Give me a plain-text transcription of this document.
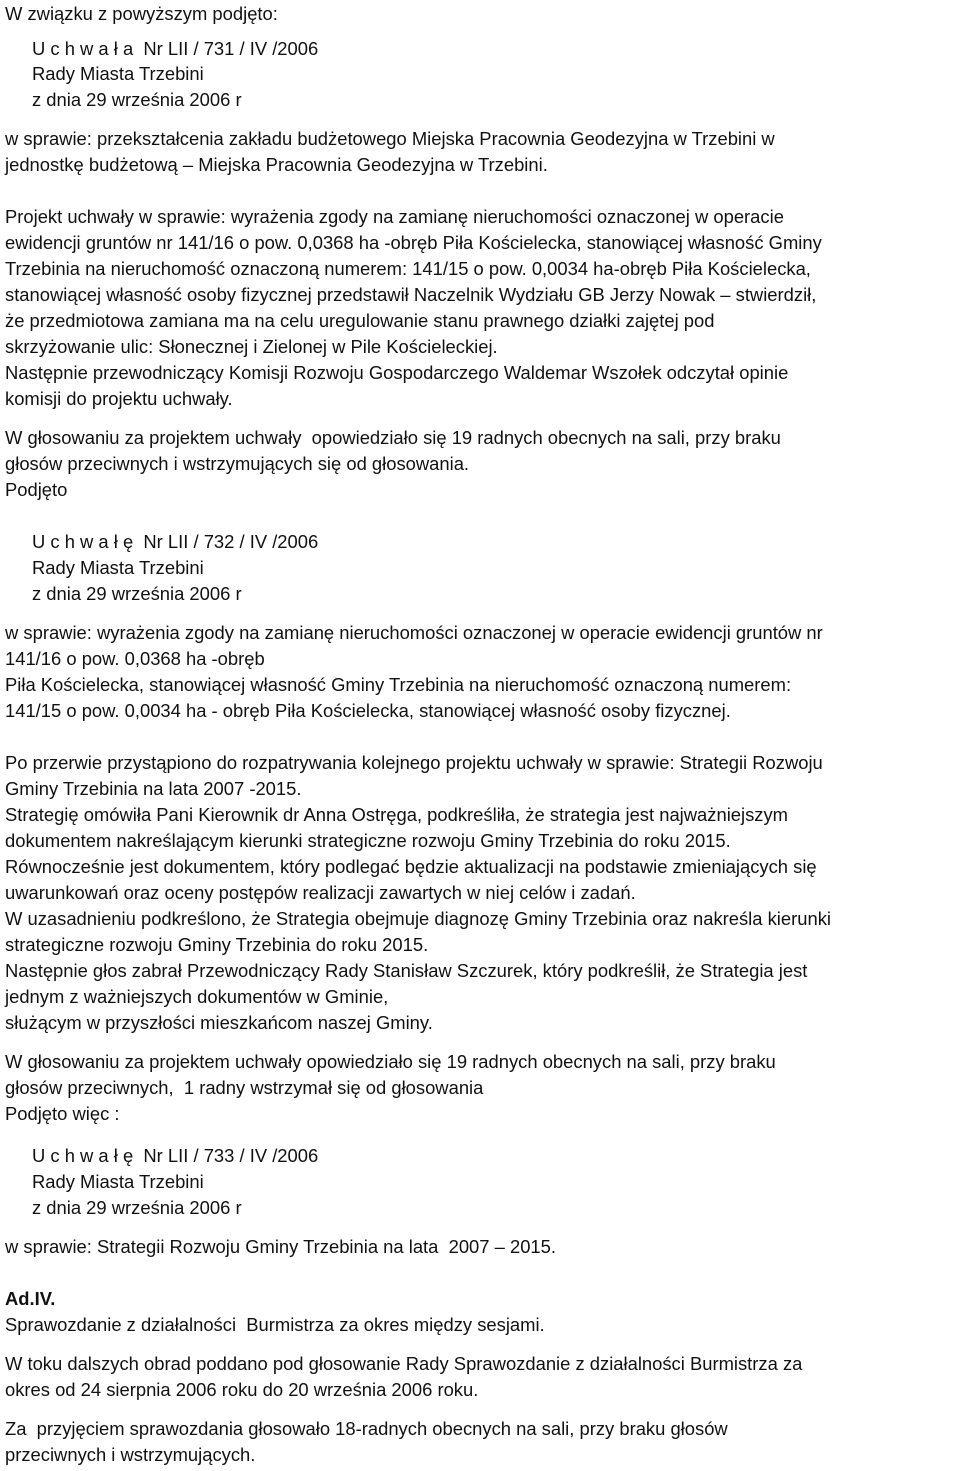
W związku z powyższym podjęto:
U c h w a ł a  Nr LII / 731 / IV /2006
Rady Miasta Trzebini
z dnia 29 września 2006 r
w sprawie: przekształcenia zakładu budżetowego Miejska Pracownia Geodezyjna w Trzebini w
jednostkę budżetową – Miejska Pracownia Geodezyjna w Trzebini.
Projekt uchwały w sprawie: wyrażenia zgody na zamianę nieruchomości oznaczonej w operacie
ewidencji gruntów nr 141/16 o pow. 0,0368 ha -obręb Piła Kościelecka, stanowiącej własność Gminy
Trzebinia na nieruchomość oznaczoną numerem: 141/15 o pow. 0,0034 ha-obręb Piła Kościelecka,
stanowiącej własność osoby fizycznej przedstawił Naczelnik Wydziału GB Jerzy Nowak – stwierdził,
że przedmiotowa zamiana ma na celu uregulowanie stanu prawnego działki zajętej pod
skrzyżowanie ulic: Słonecznej i Zielonej w Pile Kościeleckiej.
Następnie przewodniczący Komisji Rozwoju Gospodarczego Waldemar Wszołek odczytał opinie
komisji do projektu uchwały.
W głosowaniu za projektem uchwały  opowiedziało się 19 radnych obecnych na sali, przy braku
głosów przeciwnych i wstrzymujących się od głosowania.
Podjęto
U c h w a ł ę  Nr LII / 732 / IV /2006
Rady Miasta Trzebini
z dnia 29 września 2006 r
w sprawie: wyrażenia zgody na zamianę nieruchomości oznaczonej w operacie ewidencji gruntów nr
141/16 o pow. 0,0368 ha -obręb
Piła Kościelecka, stanowiącej własność Gminy Trzebinia na nieruchomość oznaczoną numerem:
141/15 o pow. 0,0034 ha - obręb Piła Kościelecka, stanowiącej własność osoby fizycznej.
Po przerwie przystąpiono do rozpatrywania kolejnego projektu uchwały w sprawie: Strategii Rozwoju
Gminy Trzebinia na lata 2007 -2015.
Strategię omówiła Pani Kierownik dr Anna Ostręga, podkreśliła, że strategia jest najważniejszym
dokumentem nakreślającym kierunki strategiczne rozwoju Gminy Trzebinia do roku 2015.
Równocześnie jest dokumentem, który podlegać będzie aktualizacji na podstawie zmieniających się
uwarunkowań oraz oceny postępów realizacji zawartych w niej celów i zadań.
W uzasadnieniu podkreślono, że Strategia obejmuje diagnozę Gminy Trzebinia oraz nakreśla kierunki
strategiczne rozwoju Gminy Trzebinia do roku 2015.
Następnie głos zabrał Przewodniczący Rady Stanisław Szczurek, który podkreślił, że Strategia jest
jednym z ważniejszych dokumentów w Gminie,
służącym w przyszłości mieszkańcom naszej Gminy.
W głosowaniu za projektem uchwały opowiedziało się 19 radnych obecnych na sali, przy braku
głosów przeciwnych,  1 radny wstrzymał się od głosowania
Podjęto więc :
U c h w a ł ę  Nr LII / 733 / IV /2006
Rady Miasta Trzebini
z dnia 29 września 2006 r
w sprawie: Strategii Rozwoju Gminy Trzebinia na lata  2007 – 2015.
Ad.IV.
Sprawozdanie z działalności  Burmistrza za okres między sesjami.
W toku dalszych obrad poddano pod głosowanie Rady Sprawozdanie z działalności Burmistrza za
okres od 24 sierpnia 2006 roku do 20 września 2006 roku.
Za  przyjęciem sprawozdania głosowało 18-radnych obecnych na sali, przy braku głosów
przeciwnych i wstrzymujących.
